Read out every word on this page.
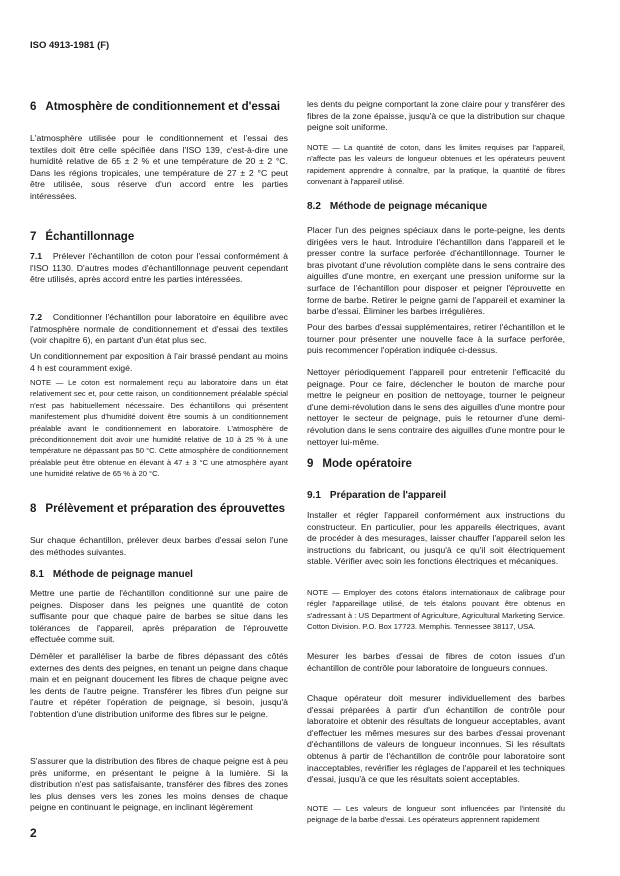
ISO 4913-1981 (F)
6 Atmosphère de conditionnement et d'essai

L'atmosphère utilisée pour le conditionnement et l'essai des textiles doit être celle spécifiée dans l'ISO 139, c'est-à-dire une humidité relative de 65 ± 2 % et une température de 20 ± 2 °C. Dans les régions tropicales, une température de 27 ± 2 °C peut être utilisée, sous réserve d'un accord entre les parties intéressées.

7 Échantillonnage

7.1 Prélever l'échantillon de coton pour l'essai conformément à l'ISO 1130. D'autres modes d'échantillonnage peuvent cependant être utilisés, après accord entre les parties intéressées.

7.2 Conditionner l'échantillon pour laboratoire en équilibre avec l'atmosphère normale de conditionnement et d'essai des textiles (voir chapitre 6), en partant d'un état plus sec.

Un conditionnement par exposition à l'air brassé pendant au moins 4 h est couramment exigé.

NOTE — Le coton est normalement reçu au laboratoire dans un état relativement sec et, pour cette raison, un conditionnement préalable spécial n'est pas habituellement nécessaire. Des échantillons qui présentent manifestement plus d'humidité doivent être soumis à un conditionnement préalable avant le conditionnement en laboratoire. L'atmosphère de préconditionnement doit avoir une humidité relative de 10 à 25 % à une température ne dépassant pas 50 °C. Cette atmosphère de conditionnement préalable peut être obtenue en élevant à 47 ± 3 °C une atmosphère ayant une humidité relative de 65 % à 20 °C.

8 Prélèvement et préparation des éprouvettes

Sur chaque échantillon, prélever deux barbes d'essai selon l'une des méthodes suivantes.

8.1 Méthode de peignage manuel

Mettre une partie de l'échantillon conditionné sur une paire de peignes. Disposer dans les peignes une quantité de coton suffisante pour que chaque paire de barbes se situe dans les tolérances de l'appareil, après préparation de l'éprouvette effectuée comme suit.

Démêler et paralléliser la barbe de fibres dépassant des côtés externes des dents des peignes, en tenant un peigne dans chaque main et en peignant doucement les fibres de chaque peigne avec les dents de l'autre peigne. Transférer les fibres d'un peigne sur l'autre et répéter l'opération de peignage, si besoin, jusqu'à l'obtention d'une distribution uniforme des fibres sur le peigne.

S'assurer que la distribution des fibres de chaque peigne est à peu près uniforme, en présentant le peigne à la lumière. Si la distribution n'est pas satisfaisante, transférer des fibres des zones les plus denses vers les zones les moins denses de chaque peigne en continuant le peignage, en inclinant légèrement

2

les dents du peigne comportant la zone claire pour y transférer des fibres de la zone épaisse, jusqu'à ce que la distribution sur chaque peigne soit uniforme.

NOTE — La quantité de coton, dans les limites requises par l'appareil, n'affecte pas les valeurs de longueur obtenues et les opérateurs peuvent rapidement apprendre à connaître, par la pratique, la quantité de fibres convenant à l'appareil utilisé.

8.2 Méthode de peignage mécanique

Placer l'un des peignes spéciaux dans le porte-peigne, les dents dirigées vers le haut. Introduire l'échantillon dans l'appareil et le presser contre la surface perforée d'échantillonnage. Tourner le bras pivotant d'une révolution complète dans le sens contraire des aiguilles d'une montre, en exerçant une pression uniforme sur la surface de l'échantillon pour disposer et peigner l'éprouvette en forme de barbe. Retirer le peigne garni de l'appareil et examiner la barbe d'essai. Éliminer les barbes irrégulières.

Pour des barbes d'essai supplémentaires, retirer l'échantillon et le tourner pour présenter une nouvelle face à la surface perforée, puis recommencer l'opération indiquée ci-dessus.

Nettoyer périodiquement l'appareil pour entretenir l'efficacité du peignage. Pour ce faire, déclencher le bouton de marche pour mettre le peigneur en position de nettoyage, tourner le peigneur d'une demi-révolution dans le sens des aiguilles d'une montre pour nettoyer le secteur de peignage, puis le retourner d'une demi-révolution dans le sens contraire des aiguilles d'une montre pour le nettoyer lui-même.

9 Mode opératoire
9.1 Préparation de l'appareil

Installer et régler l'appareil conformément aux instructions du constructeur. En particulier, pour les appareils électriques, avant de procéder à des mesurages, laisser chauffer l'appareil selon les instructions du fabricant, ou jusqu'à ce qu'il soit électriquement stable. Vérifier avec soin les fonctions électriques et mécaniques.

NOTE — Employer des cotons étalons internationaux de calibrage pour régler l'appareillage utilisé, de tels étalons pouvant être obtenus en s'adressant à : US Department of Agriculture, Agricultural Marketing Service. Cotton Division. P.O. Box 17723. Memphis. Tennessee 38117, USA.

Mesurer les barbes d'essai de fibres de coton issues d'un échantillon de contrôle pour laboratoire de longueurs connues.

Chaque opérateur doit mesurer individuellement des barbes d'essai préparées à partir d'un échantillon de contrôle pour laboratoire et obtenir des résultats de longueur acceptables, avant d'effectuer les mêmes mesures sur des barbes d'essai provenant d'échantillons de valeurs de longueur inconnues. Si les résultats obtenus à partir de l'échantillon de contrôle pour laboratoire sont inacceptables, revérifier les réglages de l'appareil et les techniques d'essai, jusqu'à ce que les résultats soient acceptables.

NOTE — Les valeurs de longueur sont influencées par l'intensité du peignage de la barbe d'essai. Les opérateurs apprennent rapidement
